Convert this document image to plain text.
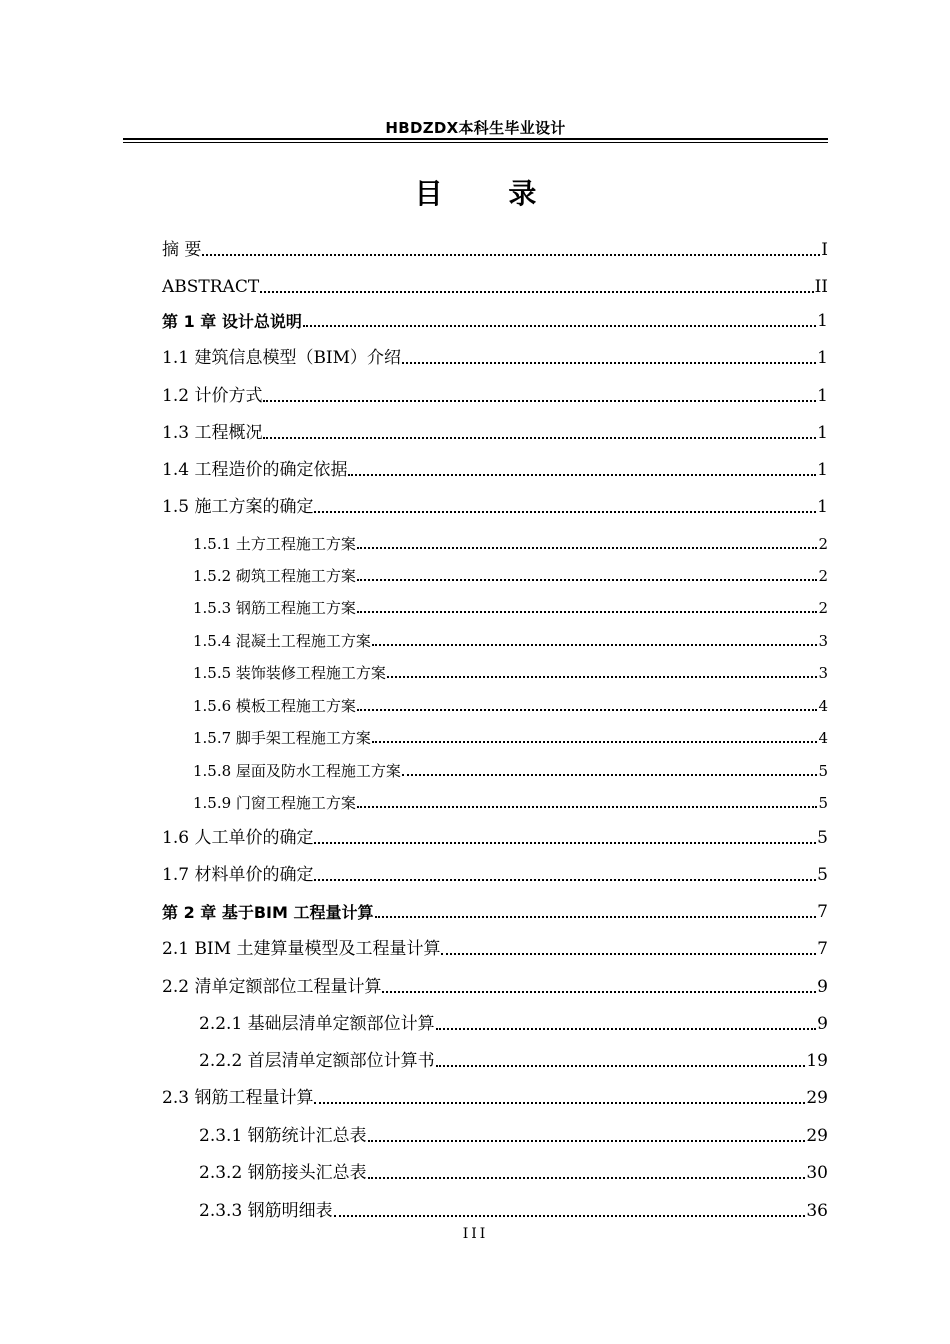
HBDZDX本科生毕业设计
目 录
摘 要	I
ABSTRACT	II
第 1 章 设计总说明	1
1.1 建筑信息模型（BIM）介绍	1
1.2 计价方式	1
1.3 工程概况	1
1.4 工程造价的确定依据	1
1.5 施工方案的确定	1
1.5.1 土方工程施工方案	2
1.5.2 砌筑工程施工方案	2
1.5.3 钢筋工程施工方案	2
1.5.4 混凝土工程施工方案	3
1.5.5 装饰装修工程施工方案	3
1.5.6 模板工程施工方案	4
1.5.7 脚手架工程施工方案	4
1.5.8 屋面及防水工程施工方案	5
1.5.9 门窗工程施工方案	5
1.6 人工单价的确定	5
1.7 材料单价的确定	5
第 2 章 基于BIM 工程量计算	7
2.1 BIM 土建算量模型及工程量计算	7
2.2 清单定额部位工程量计算	9
2.2.1 基础层清单定额部位计算	9
2.2.2 首层清单定额部位计算书	19
2.3 钢筋工程量计算	29
2.3.1 钢筋统计汇总表	29
2.3.2 钢筋接头汇总表	30
2.3.3 钢筋明细表	36
III
